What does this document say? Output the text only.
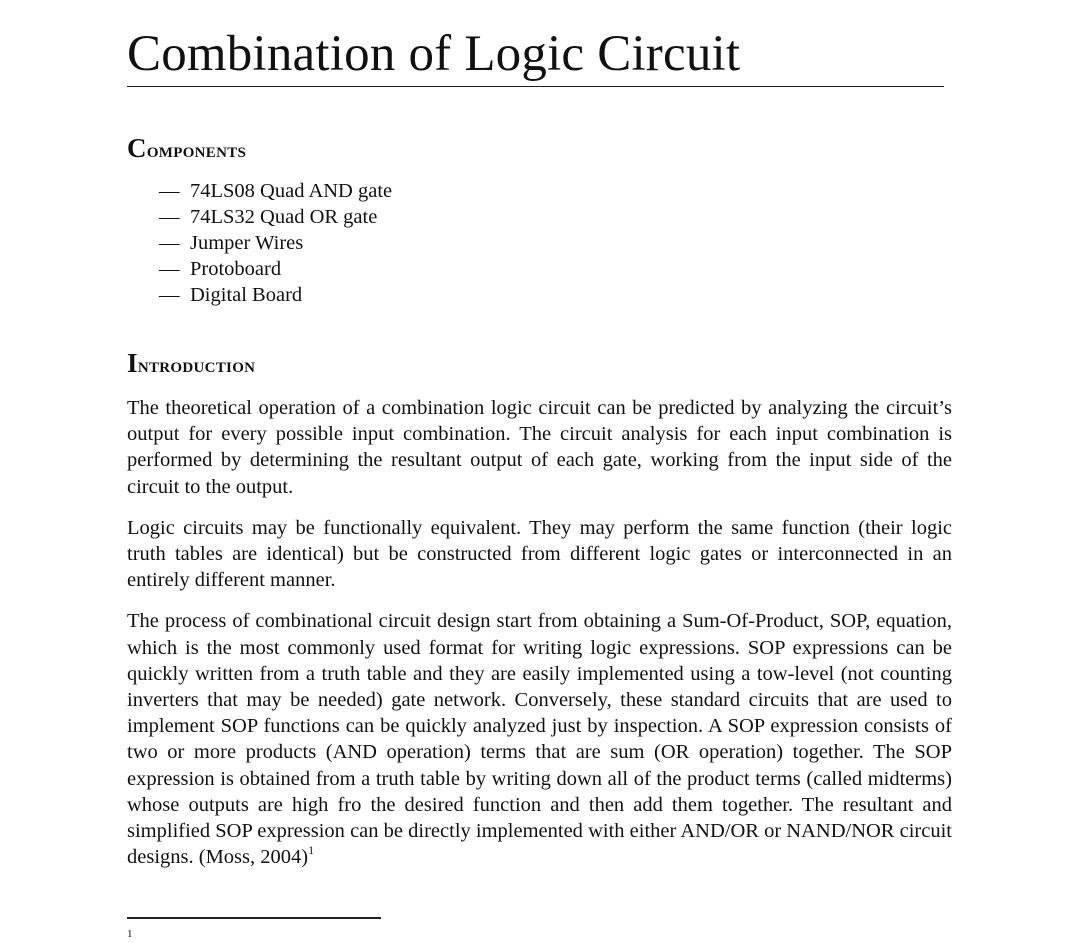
Combination of Logic Circuit
Components
— 74LS08 Quad AND gate
— 74LS32 Quad OR gate
— Jumper Wires
— Protoboard
— Digital Board
Introduction

The theoretical operation of a combination logic circuit can be predicted by analyzing the circuit’s output for every possible input combination. The circuit analysis for each input combination is performed by determining the resultant output of each gate, working from the input side of the circuit to the output.

Logic circuits may be functionally equivalent. They may perform the same function (their logic truth tables are identical) but be constructed from different logic gates or interconnected in an entirely different manner.

The process of combinational circuit design start from obtaining a Sum-Of-Product, SOP, equation, which is the most commonly used format for writing logic expressions. SOP expressions can be quickly written from a truth table and they are easily implemented using a tow-level (not counting inverters that may be needed) gate network. Conversely, these standard circuits that are used to implement SOP functions can be quickly analyzed just by inspection. A SOP expression consists of two or more products (AND operation) terms that are sum (OR operation) together. The SOP expression is obtained from a truth table by writing down all of the product terms (called midterms) whose outputs are high fro the desired function and then add them together. The resultant and simplified SOP expression can be directly implemented with either AND/OR or NAND/NOR circuit designs. (Moss, 2004)$^1$

1
